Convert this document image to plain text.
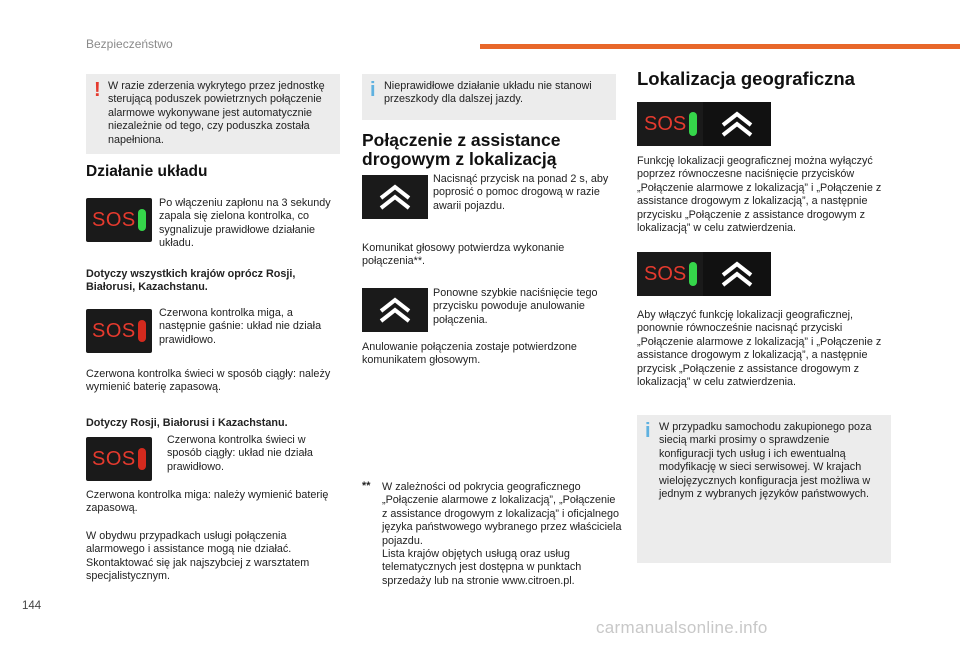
Bezpieczeństwo
! W razie zderzenia wykrytego przez jednostkę sterującą poduszek powietrznych połączenie alarmowe wykonywane jest automatycznie niezależnie od tego, czy poduszka została napełniona.
Działanie układu
SOS
Po włączeniu zapłonu na 3 sekundy zapala się zielona kontrolka, co sygnalizuje prawidłowe działanie układu.
Dotyczy wszystkich krajów oprócz Rosji, Białorusi, Kazachstanu.
SOS
Czerwona kontrolka miga, a następnie gaśnie: układ nie działa prawidłowo.
Czerwona kontrolka świeci w sposób ciągły: należy wymienić baterię zapasową.
Dotyczy Rosji, Białorusi i Kazachstanu.
SOS
Czerwona kontrolka świeci w sposób ciągły: układ nie działa prawidłowo.
Czerwona kontrolka miga: należy wymienić baterię zapasową.
W obydwu przypadkach usługi połączenia alarmowego i assistance mogą nie działać. Skontaktować się jak najszybciej z warsztatem specjalistycznym.
i Nieprawidłowe działanie układu nie stanowi przeszkody dla dalszej jazdy.
Połączenie z assistance drogowym z lokalizacją
Nacisnąć przycisk na ponad 2 s, aby poprosić o pomoc drogową w razie awarii pojazdu.
Komunikat głosowy potwierdza wykonanie połączenia**.
Ponowne szybkie naciśnięcie tego przycisku powoduje anulowanie połączenia.
Anulowanie połączenia zostaje potwierdzone komunikatem głosowym.
**	W zależności od pokrycia geograficznego „Połączenie alarmowe z lokalizacją”, „Połączenie z assistance drogowym z lokalizacją” i oficjalnego języka państwowego wybranego przez właściciela pojazdu.
Lista krajów objętych usługą oraz usług telematycznych jest dostępna w punktach sprzedaży lub na stronie www.citroen.pl.
Lokalizacja geograficzna
SOS
Funkcję lokalizacji geograficznej można wyłączyć poprzez równoczesne naciśnięcie przycisków „Połączenie alarmowe z lokalizacją” i „Połączenie z assistance drogowym z lokalizacją”, a następnie przycisku „Połączenie z assistance drogowym z lokalizacją” w celu zatwierdzenia.
SOS
Aby włączyć funkcję lokalizacji geograficznej, ponownie równocześnie nacisnąć przyciski „Połączenie alarmowe z lokalizacją” i „Połączenie z assistance drogowym z lokalizacją”, a następnie przycisk „Połączenie z assistance drogowym z lokalizacją” w celu zatwierdzenia.
i W przypadku samochodu zakupionego poza siecią marki prosimy o sprawdzenie konfiguracji tych usług i ich ewentualną modyfikację w sieci serwisowej. W krajach wielojęzycznych konfiguracja jest możliwa w jednym z wybranych języków państwowych.
144
carmanualsonline.info
